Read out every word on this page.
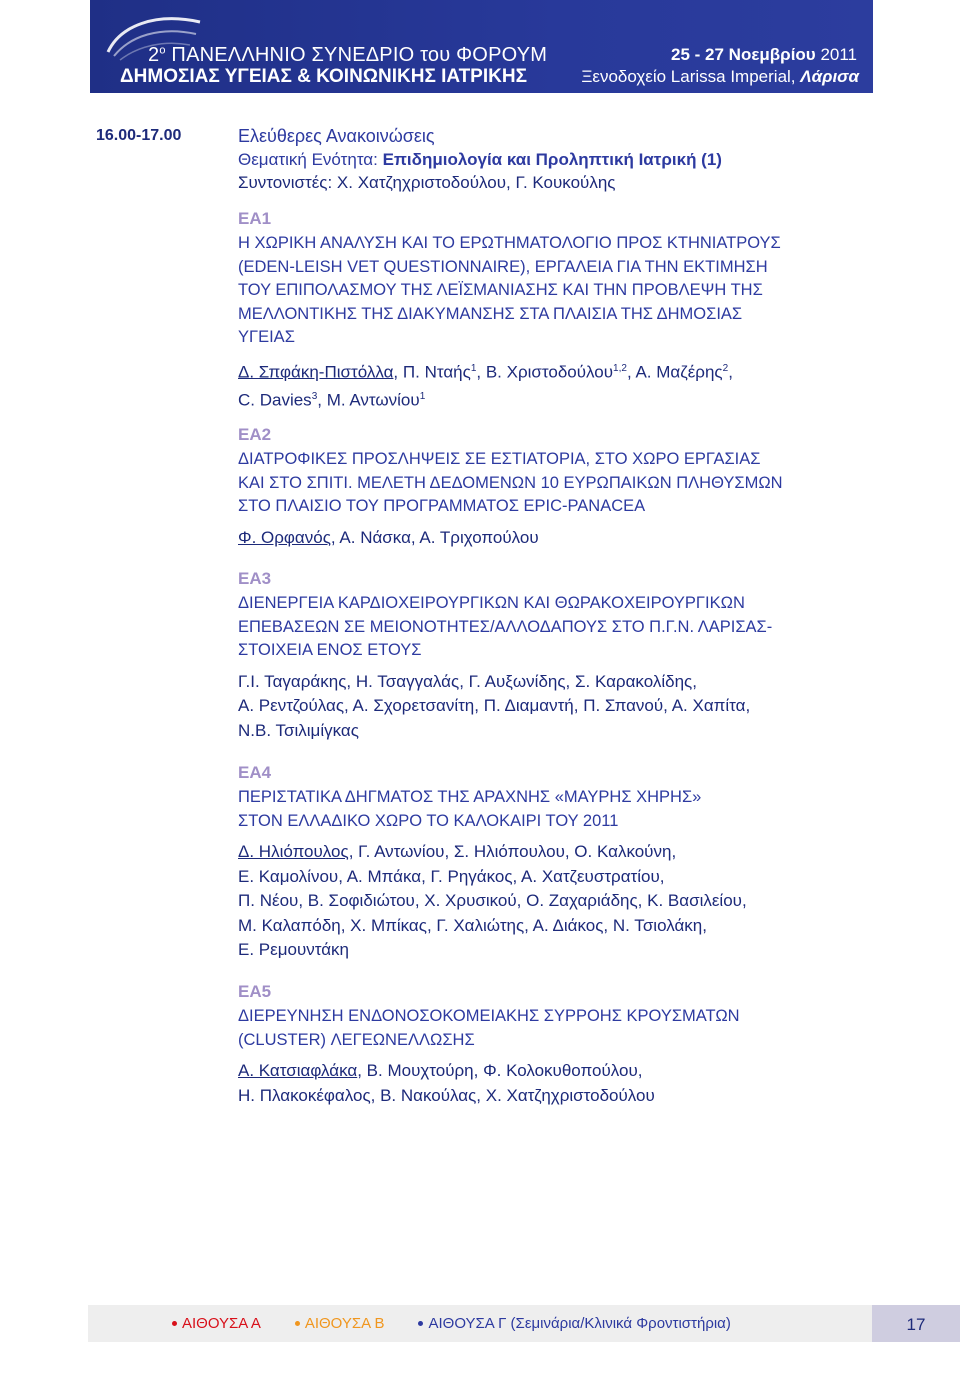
$2^o$ ΠΑΝΕΛΛΗΝΙΟ ΣΥΝΕΔΡΙΟ του ΦΟΡΟΥΜ
ΔΗΜΟΣΙΑΣ ΥΓΕΙΑΣ & ΚΟΙΝΩΝΙΚΗΣ ΙΑΤΡΙΚΗΣ
25 - 27 Νοεμβρίου 2011
Ξενοδοχείο Larissa Imperial, Λάρισα
16.00-17.00	Ελεύθερες Ανακοινώσεις
Θεματική Ενότητα: Επιδημιολογία και Προληπτική Ιατρική (1)
Συντονιστές: Χ. Χατζηχριστοδούλου, Γ. Κουκούλης
ΕΑ1
Η ΧΩΡΙΚΗ ΑΝΑΛΥΣΗ ΚΑΙ ΤΟ ΕΡΩΤΗΜΑΤΟΛΟΓΙΟ ΠΡΟΣ ΚΤΗΝΙΑΤΡΟΥΣ
(EDEN-LEISH VET QUESTIONNAIRE), ΕΡΓΑΛΕΙΑ ΓΙΑ ΤΗΝ ΕΚΤΙΜΗΣΗ
ΤΟΥ ΕΠΙΠΟΛΑΣΜΟΥ ΤΗΣ ΛΕΪΣΜΑΝΙΑΣΗΣ ΚΑΙ ΤΗΝ ΠΡΟΒΛΕΨΗ ΤΗΣ
ΜΕΛΛΟΝΤΙΚΗΣ ΤΗΣ ΔΙΑΚΥΜΑΝΣΗΣ ΣΤΑ ΠΛΑΙΣΙΑ ΤΗΣ ΔΗΜΟΣΙΑΣ
ΥΓΕΙΑΣ
Δ. Σπφάκη-Πιστόλλα, Π. Νταής$^1$, Β. Χριστοδούλου$^{1,2}$, Α. Μαζέρης$^2$,
C. Davies$^3$, Μ. Αντωνίου$^1$
ΕΑ2
ΔΙΑΤΡΟΦΙΚΕΣ ΠΡΟΣΛΗΨΕΙΣ ΣΕ ΕΣΤΙΑΤΟΡΙΑ, ΣΤΟ ΧΩΡΟ ΕΡΓΑΣΙΑΣ
ΚΑΙ ΣΤΟ ΣΠΙΤΙ. ΜΕΛΕΤΗ ΔΕΔΟΜΕΝΩΝ 10 ΕΥΡΩΠΑΙΚΩΝ ΠΛΗΘΥΣΜΩΝ
ΣΤΟ ΠΛΑΙΣΙΟ ΤΟΥ ΠΡΟΓΡΑΜΜΑΤΟΣ EPIC-PANACEA
Φ. Ορφανός, Α. Νάσκα, Α. Τριχοπούλου
ΕΑ3
ΔΙΕΝΕΡΓΕΙΑ ΚΑΡΔΙΟΧΕΙΡΟΥΡΓΙΚΩΝ ΚΑΙ ΘΩΡΑΚΟΧΕΙΡΟΥΡΓΙΚΩΝ
ΕΠΕΒΑΣΕΩΝ ΣΕ ΜΕΙΟΝΟΤΗΤΕΣ/ΑΛΛΟΔΑΠΟΥΣ ΣΤΟ Π.Γ.Ν. ΛΑΡΙΣΑΣ-
ΣΤΟΙΧΕΙΑ ΕΝΟΣ ΕΤΟΥΣ
Γ.Ι. Ταγαράκης, Η. Τσαγγαλάς, Γ. Αυξωνίδης, Σ. Καρακολίδης,
Α. Ρεντζούλας, Α. Σχορετσανίτη, Π. Διαμαντή, Π. Σπανού, Α. Χαπίτα,
Ν.Β. Τσιλιμίγκας
ΕΑ4
ΠΕΡΙΣΤΑΤΙΚΑ ΔΗΓΜΑΤΟΣ ΤΗΣ ΑΡΑΧΝΗΣ «ΜΑΥΡΗΣ ΧΗΡΗΣ»
ΣΤΟΝ ΕΛΛΑΔΙΚΟ ΧΩΡΟ ΤΟ ΚΑΛΟΚΑΙΡΙ ΤΟΥ 2011
Δ. Ηλιόπουλος, Γ. Αντωνίου, Σ. Ηλιόπουλου, Ο. Καλκούνη,
Ε. Καμολίνου, Α. Μπάκα, Γ. Ρηγάκος, Α. Χατζευστρατίου,
Π. Νέου, Β. Σοφιδιώτου, Χ. Χρυσικού, Ο. Ζαχαριάδης, Κ. Βασιλείου,
Μ. Καλαπόδη, Χ. Μπίκας, Γ. Χαλιώτης, Α. Διάκος, Ν. Τσιολάκη,
Ε. Ρεμουντάκη
ΕΑ5
ΔΙΕΡΕΥΝΗΣΗ ΕΝΔΟΝΟΣΟΚΟΜΕΙΑΚΗΣ ΣΥΡΡΟΗΣ ΚΡΟΥΣΜΑΤΩΝ
(CLUSTER) ΛΕΓΕΩΝΕΛΛΩΣΗΣ
Α. Κατσιαφλάκα, Β. Μουχτούρη, Φ. Κολοκυθοπούλου,
Η. Πλακοκέφαλος, Β. Νακούλας, Χ. Χατζηχριστοδούλου
ΑΙΘΟΥΣΑ Α	ΑΙΘΟΥΣΑ Β	ΑΙΘΟΥΣΑ Γ (Σεμινάρια/Κλινικά Φροντιστήρια)	17
